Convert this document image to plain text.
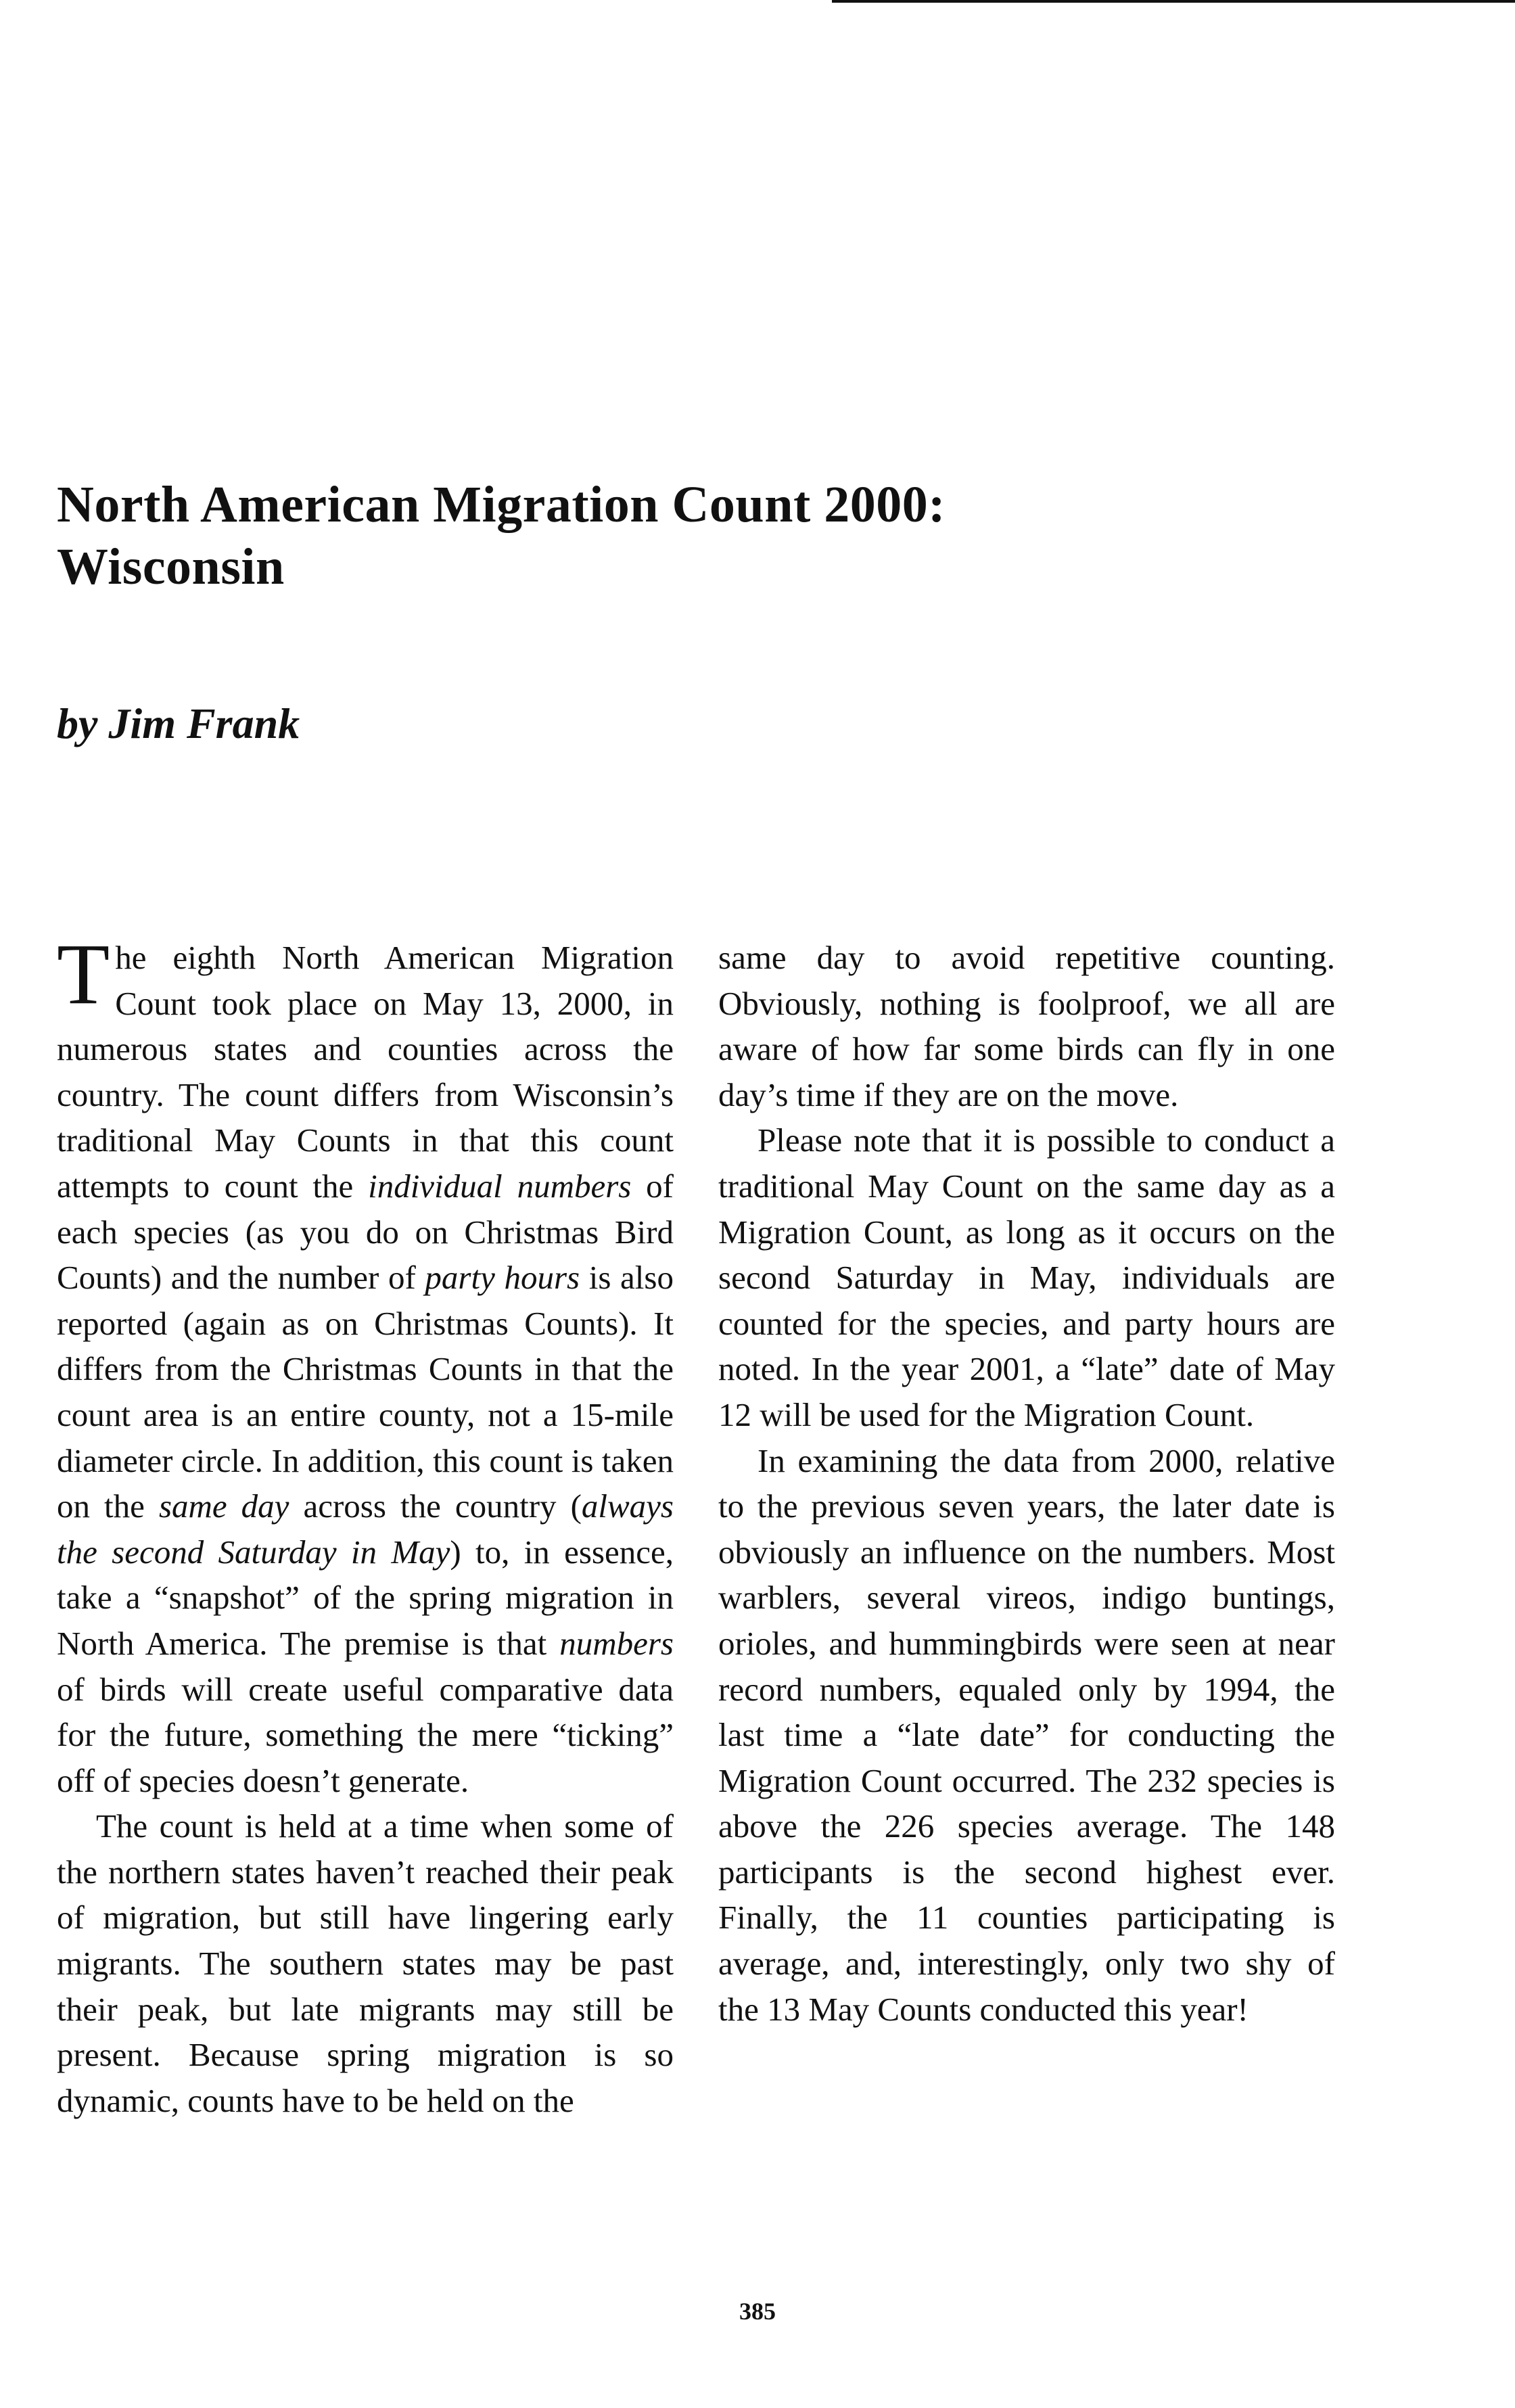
North American Migration Count 2000:
Wisconsin

by Jim Frank

The eighth North American Migration Count took place on May 13, 2000, in numerous states and counties across the country. The count differs from Wisconsin’s traditional May Counts in that this count attempts to count the individual numbers of each species (as you do on Christmas Bird Counts) and the number of party hours is also reported (again as on Christmas Counts). It differs from the Christmas Counts in that the count area is an entire county, not a 15-mile diameter circle. In addition, this count is taken on the same day across the country (always the second Saturday in May) to, in essence, take a “snapshot” of the spring migration in North America. The premise is that numbers of birds will create useful comparative data for the future, something the mere “ticking” off of species doesn’t generate.

The count is held at a time when some of the northern states haven’t reached their peak of migration, but still have lingering early migrants. The southern states may be past their peak, but late migrants may still be present. Because spring migration is so dynamic, counts have to be held on the

same day to avoid repetitive counting. Obviously, nothing is foolproof, we all are aware of how far some birds can fly in one day’s time if they are on the move.

Please note that it is possible to conduct a traditional May Count on the same day as a Migration Count, as long as it occurs on the second Saturday in May, individuals are counted for the species, and party hours are noted. In the year 2001, a “late” date of May 12 will be used for the Migration Count.

In examining the data from 2000, relative to the previous seven years, the later date is obviously an influence on the numbers. Most warblers, several vireos, indigo buntings, orioles, and hummingbirds were seen at near record numbers, equaled only by 1994, the last time a “late date” for conducting the Migration Count occurred. The 232 species is above the 226 species average. The 148 participants is the second highest ever. Finally, the 11 counties participating is average, and, interestingly, only two shy of the 13 May Counts conducted this year!

385
